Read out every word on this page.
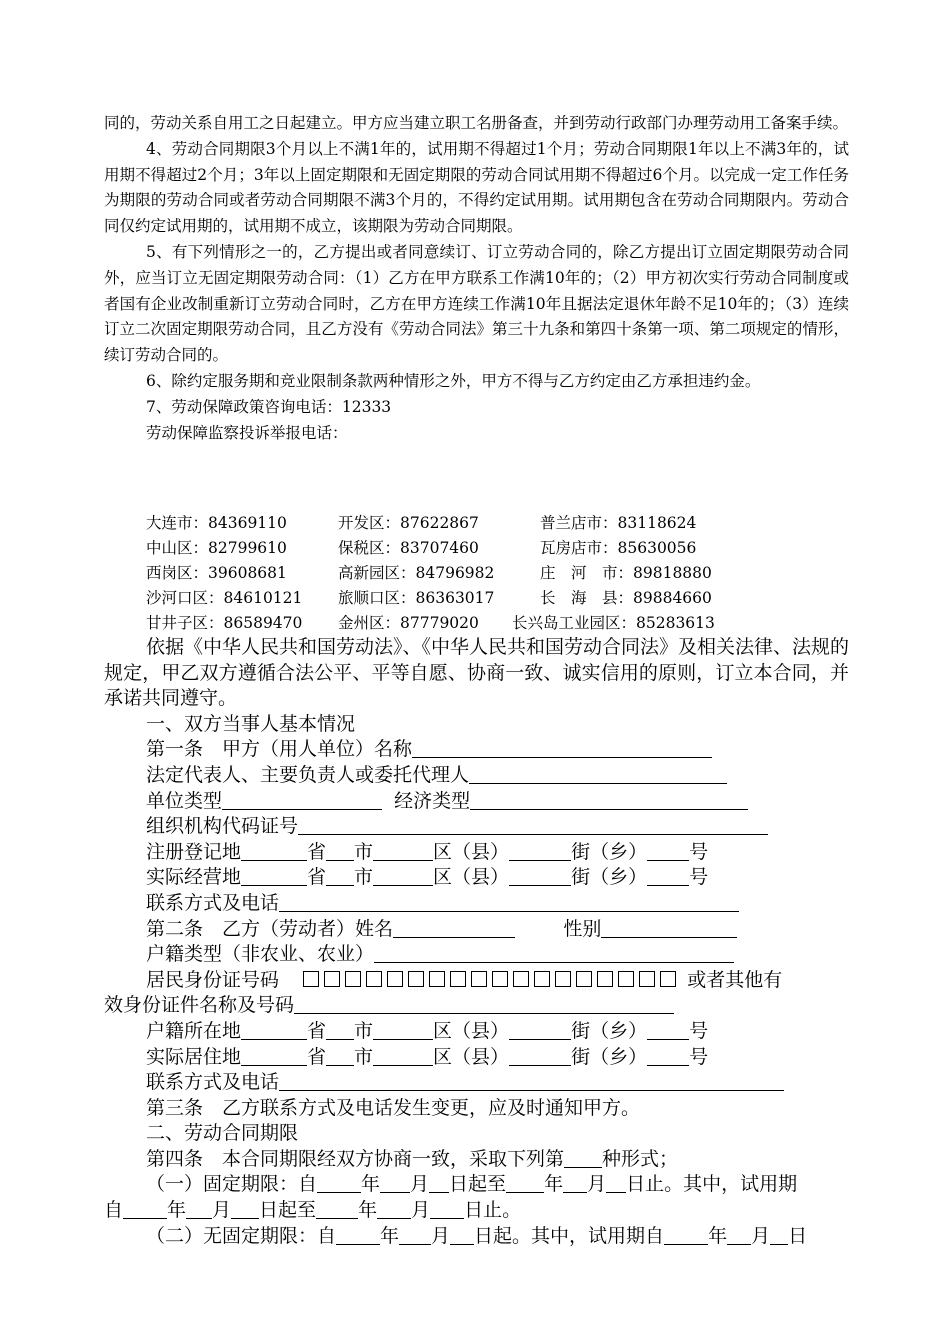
同的，劳动关系自用工之日起建立。甲方应当建立职工名册备查，并到劳动行政部门办理劳动用工备案手续。

4、劳动合同期限3个月以上不满1年的，试用期不得超过1个月；劳动合同期限1年以上不满3年的，试用期不得超过2个月；3年以上固定期限和无固定期限的劳动合同试用期不得超过6个月。以完成一定工作任务为期限的劳动合同或者劳动合同期限不满3个月的，不得约定试用期。试用期包含在劳动合同期限内。劳动合同仅约定试用期的，试用期不成立，该期限为劳动合同期限。

5、有下列情形之一的，乙方提出或者同意续订、订立劳动合同的，除乙方提出订立固定期限劳动合同外，应当订立无固定期限劳动合同：（1）乙方在甲方联系工作满10年的；（2）甲方初次实行劳动合同制度或者国有企业改制重新订立劳动合同时，乙方在甲方连续工作满10年且据法定退休年龄不足10年的；（3）连续订立二次固定期限劳动合同，且乙方没有《劳动合同法》第三十九条和第四十条第一项、第二项规定的情形，续订劳动合同的。

6、除约定服务期和竞业限制条款两种情形之外，甲方不得与乙方约定由乙方承担违约金。

7、劳动保障政策咨询电话：12333

劳动保障监察投诉举报电话：

大连市：84369110	开发区：87622867	普兰店市：83118624
中山区：82799610	保税区：83707460	瓦房店市：85630056
西岗区：39608681	高新园区：84796982	庄　河　市：89818880
沙河口区：84610121 旅顺口区：86363017	长　海　县：89884660
甘井子区：86589470 金州区：87779020 长兴岛工业园区：85283613

依据《中华人民共和国劳动法》、《中华人民共和国劳动合同法》及相关法律、法规的规定，甲乙双方遵循合法公平、平等自愿、协商一致、诚实信用的原则，订立本合同，并承诺共同遵守。

一、双方当事人基本情况

第一条　甲方（用人单位）名称

法定代表人、主要负责人或委托代理人

单位类型	经济类型

组织机构代码证号

注册登记地	省 市	区（县）	街（乡） 号

实际经营地	省 市	区（县）	街（乡） 号

联系方式及电话

第二条　乙方（劳动者）姓名	性别

户籍类型（非农业、农业）

居民身份证号码	或者其他有

效身份证件名称及号码

户籍所在地	省 市	区（县）	街（乡） 号

实际居住地	省 市	区（县）	街（乡） 号

联系方式及电话

第三条　乙方联系方式及电话发生变更，应及时通知甲方。

二、劳动合同期限

第四条　本合同期限经双方协商一致，采取下列第 种形式；

（一）固定期限：自 年 月 日起至 年 月 日止。其中，试用期

自 年 月 日起至 年 月 日止。

（二）无固定期限：自 年 月 日起。其中，试用期自 年 月 日
